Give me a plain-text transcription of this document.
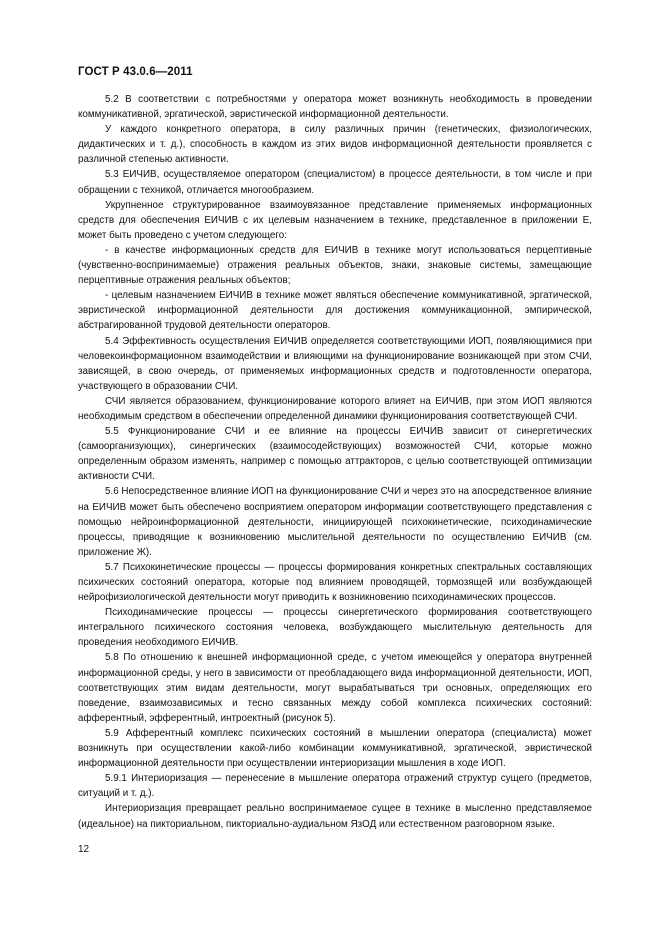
ГОСТ Р 43.0.6—2011

5.2 В соответствии с потребностями у оператора может возникнуть необходимость в проведении коммуникативной, эргатической, эвристической информационной деятельности.

У каждого конкретного оператора, в силу различных причин (генетических, физиологических, дидактических и т. д.), способность в каждом из этих видов информационной деятельности проявляется с различной степенью активности.

5.3 ЕИЧИВ, осуществляемое оператором (специалистом) в процессе деятельности, в том числе и при обращении с техникой, отличается многообразием.

Укрупненное структурированное взаимоувязанное представление применяемых информационных средств для обеспечения ЕИЧИВ с их целевым назначением в технике, представленное в приложении Е, может быть проведено с учетом следующего:

- в качестве информационных средств для ЕИЧИВ в технике могут использоваться перцептивные (чувственно-воспринимаемые) отражения реальных объектов, знаки, знаковые системы, замещающие перцептивные отражения реальных объектов;

- целевым назначением ЕИЧИВ в технике может являться обеспечение коммуникативной, эргатической, эвристической информационной деятельности для достижения коммуникационной, эмпирической, абстрагированной трудовой деятельности операторов.

5.4 Эффективность осуществления ЕИЧИВ определяется соответствующими ИОП, появляющимися при человекоинформационном взаимодействии и влияющими на функционирование возникающей при этом СЧИ, зависящей, в свою очередь, от применяемых информационных средств и подготовленности оператора, участвующего в образовании СЧИ.

СЧИ является образованием, функционирование которого влияет на ЕИЧИВ, при этом ИОП являются необходимым средством в обеспечении определенной динамики функционирования соответствующей СЧИ.

5.5 Функционирование СЧИ и ее влияние на процессы ЕИЧИВ зависит от синергетических (самоорганизующих), синергических (взаимосодействующих) возможностей СЧИ, которые можно определенным образом изменять, например с помощью аттракторов, с целью соответствующей оптимизации активности СЧИ.

5.6 Непосредственное влияние ИОП на функционирование СЧИ и через это на апосредственное влияние на ЕИЧИВ может быть обеспечено восприятием оператором информации соответствующего представления с помощью нейроинформационной деятельности, инициирующей психокинетические, психодинамические процессы, приводящие к возникновению мыслительной деятельности по осуществлению ЕИЧИВ (см. приложение Ж).

5.7 Психокинетические процессы — процессы формирования конкретных спектральных составляющих психических состояний оператора, которые под влиянием проводящей, тормозящей или возбуждающей нейрофизиологической деятельности могут приводить к возникновению психодинамических процессов.

Психодинамические процессы — процессы синергетического формирования соответствующего интегрального психического состояния человека, возбуждающего мыслительную деятельность для проведения необходимого ЕИЧИВ.

5.8 По отношению к внешней информационной среде, с учетом имеющейся у оператора внутренней информационной среды, у него в зависимости от преобладающего вида информационной деятельности, ИОП, соответствующих этим видам деятельности, могут вырабатываться три основных, определяющих его поведение, взаимозависимых и тесно связанных между собой комплекса психических состояний: афферентный, эфферентный, интроектный (рисунок 5).

5.9 Афферентный комплекс психических состояний в мышлении оператора (специалиста) может возникнуть при осуществлении какой-либо комбинации коммуникативной, эргатической, эвристической информационной деятельности при осуществлении интериоризации мышления в ходе ИОП.

5.9.1 Интериоризация — перенесение в мышление оператора отражений структур сущего (предметов, ситуаций и т. д.).

Интериоризация превращает реально воспринимаемое сущее в технике в мысленно представляемое (идеальное) на пикториальном, пикториально-аудиальном ЯзОД или естественном разговорном языке.

12
